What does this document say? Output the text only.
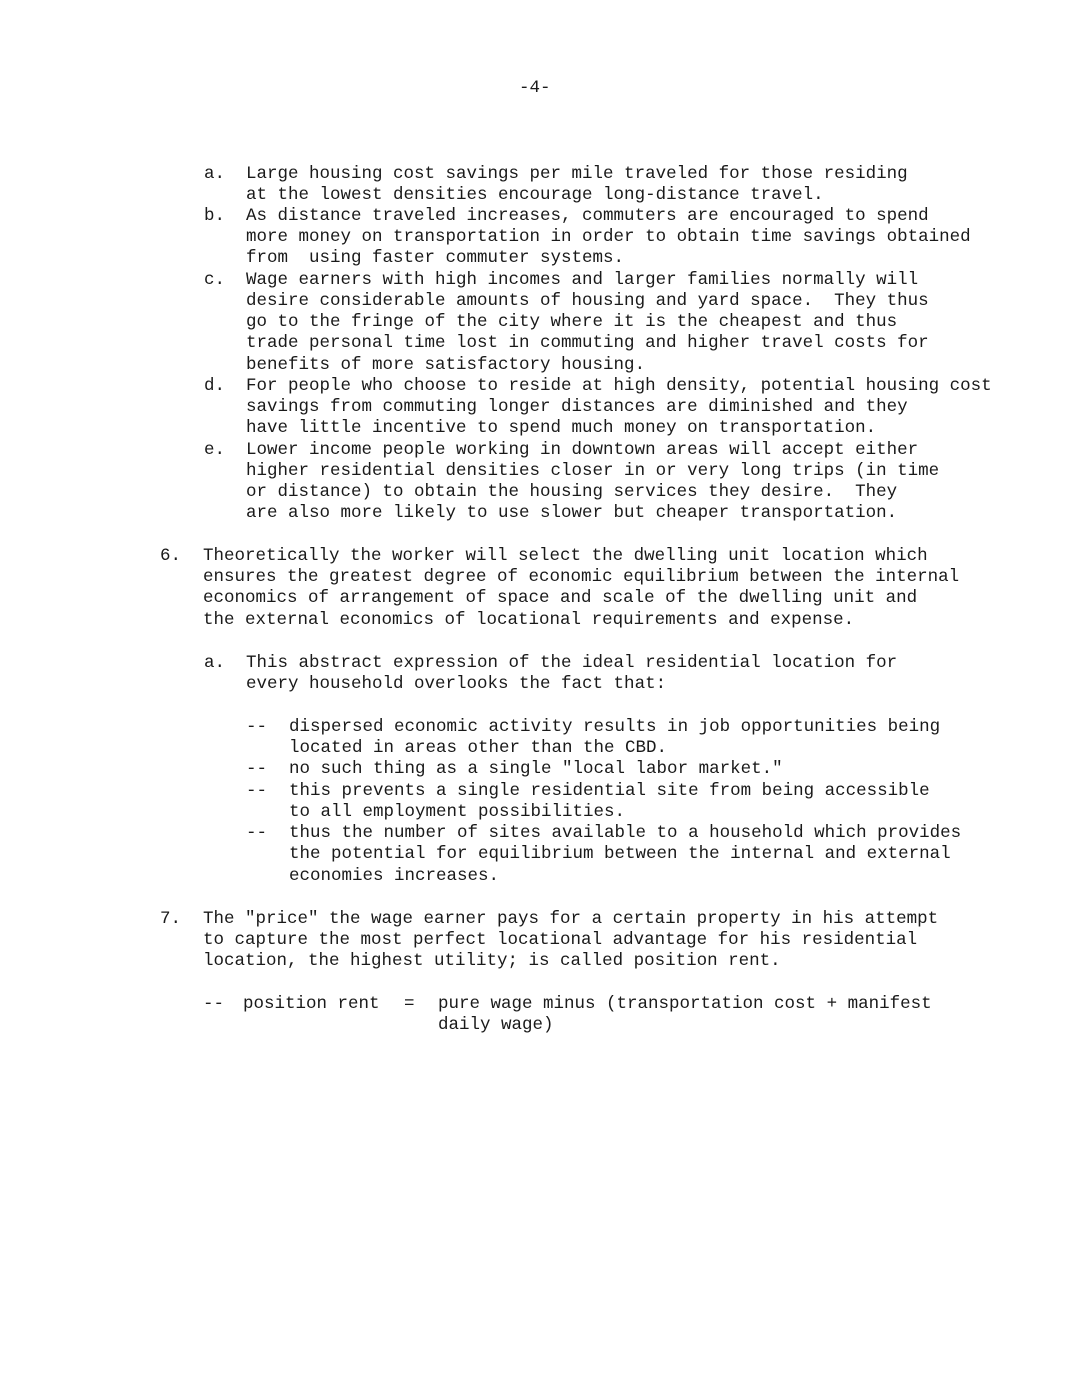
-4-
a. Large housing cost savings per mile traveled for those residing
at the lowest densities encourage long-distance travel.
b. As distance traveled increases, commuters are encouraged to spend
more money on transportation in order to obtain time savings obtained
from  using faster commuter systems.
c. Wage earners with high incomes and larger families normally will
desire considerable amounts of housing and yard space.  They thus
go to the fringe of the city where it is the cheapest and thus
trade personal time lost in commuting and higher travel costs for
benefits of more satisfactory housing.
d. For people who choose to reside at high density, potential housing cost
savings from commuting longer distances are diminished and they
have little incentive to spend much money on transportation.
e. Lower income people working in downtown areas will accept either
higher residential densities closer in or very long trips (in time
or distance) to obtain the housing services they desire.  They
are also more likely to use slower but cheaper transportation.
6. Theoretically the worker will select the dwelling unit location which
ensures the greatest degree of economic equilibrium between the internal
economics of arrangement of space and scale of the dwelling unit and
the external economics of locational requirements and expense.
a. This abstract expression of the ideal residential location for
every household overlooks the fact that:
-- dispersed economic activity results in job opportunities being
located in areas other than the CBD.
-- no such thing as a single "local labor market."
-- this prevents a single residential site from being accessible
to all employment possibilities.
-- thus the number of sites available to a household which provides
the potential for equilibrium between the internal and external
economies increases.
7. The "price" the wage earner pays for a certain property in his attempt
to capture the most perfect locational advantage for his residential
location, the highest utility; is called position rent.
-- position rent = pure wage minus (transportation cost + manifest
daily wage)
